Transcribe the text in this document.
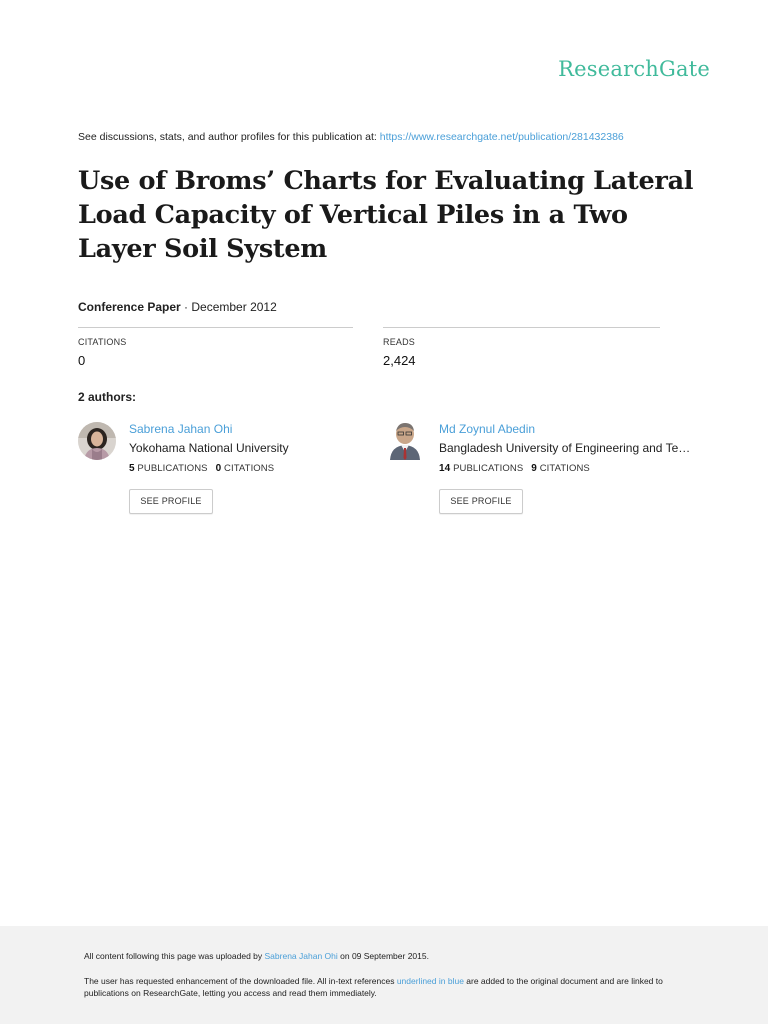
ResearchGate
See discussions, stats, and author profiles for this publication at: https://www.researchgate.net/publication/281432386
Use of Broms’ Charts for Evaluating Lateral Load Capacity of Vertical Piles in a Two Layer Soil System
Conference Paper · December 2012
CITATIONS
0
READS
2,424
2 authors:
Sabrena Jahan Ohi
Yokohama National University
5 PUBLICATIONS 0 CITATIONS
SEE PROFILE
Md Zoynul Abedin
Bangladesh University of Engineering and Te…
14 PUBLICATIONS 9 CITATIONS
SEE PROFILE
All content following this page was uploaded by Sabrena Jahan Ohi on 09 September 2015.
The user has requested enhancement of the downloaded file. All in-text references underlined in blue are added to the original document and are linked to publications on ResearchGate, letting you access and read them immediately.
